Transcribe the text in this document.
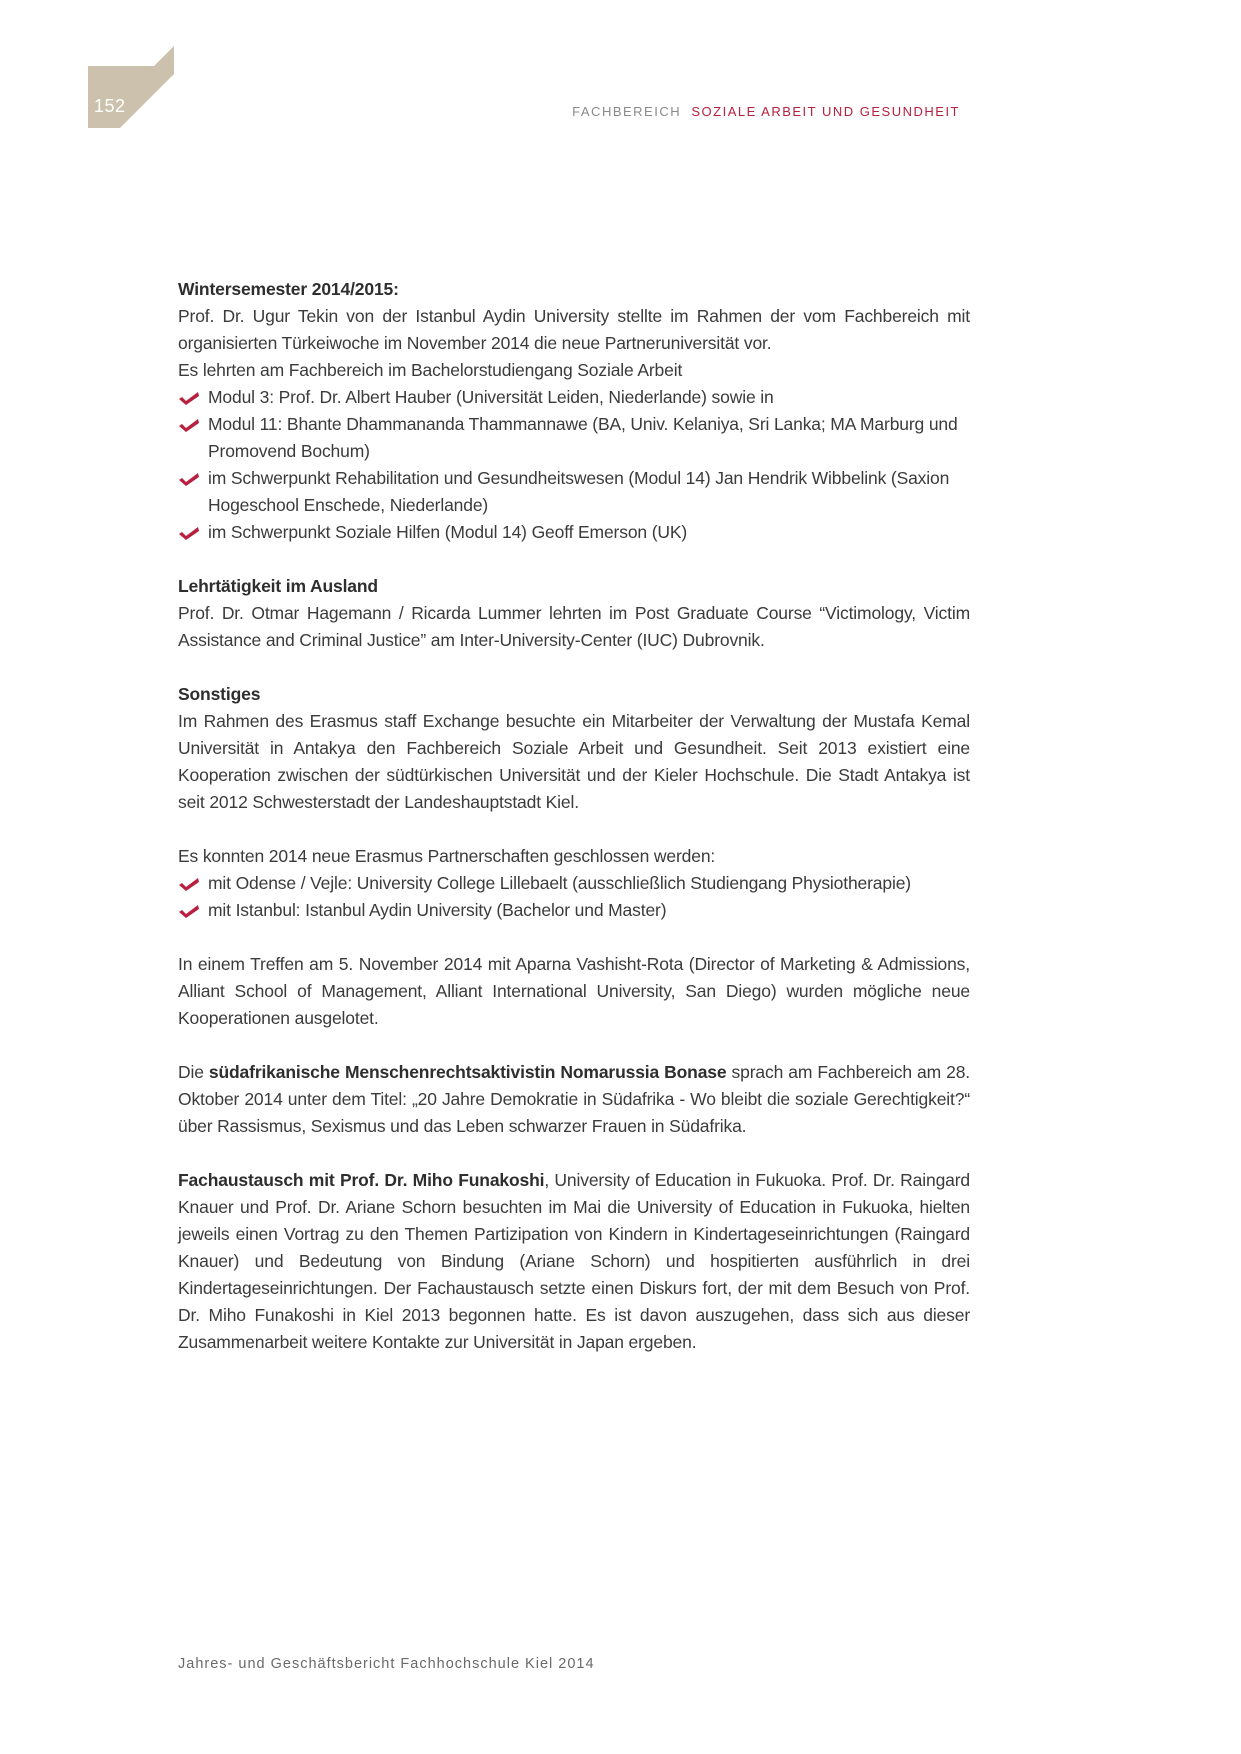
152	FACHBEREICH SOZIALE ARBEIT UND GESUNDHEIT
Wintersemester 2014/2015:

Prof. Dr. Ugur Tekin von der Istanbul Aydin University stellte im Rahmen der vom Fachbereich mit organisierten Türkeiwoche im November 2014 die neue Partneruniversität vor.

Es lehrten am Fachbereich im Bachelorstudiengang Soziale Arbeit

Modul 3: Prof. Dr. Albert Hauber (Universität Leiden, Niederlande) sowie in
Modul 11: Bhante Dhammananda Thammannawe (BA, Univ. Kelaniya, Sri Lanka; MA Marburg und Promovend Bochum)
im Schwerpunkt Rehabilitation und Gesundheitswesen (Modul 14) Jan Hendrik Wibbelink (Saxion Hogeschool Enschede, Niederlande)
im Schwerpunkt Soziale Hilfen (Modul 14) Geoff Emerson (UK)
Lehrtätigkeit im Ausland

Prof. Dr. Otmar Hagemann / Ricarda Lummer lehrten im Post Graduate Course “Victimology, Victim Assistance and Criminal Justice” am Inter-University-Center (IUC) Dubrovnik.

Sonstiges

Im Rahmen des Erasmus staff Exchange besuchte ein Mitarbeiter der Verwaltung der Mustafa Kemal Universität in Antakya den Fachbereich Soziale Arbeit und Gesundheit. Seit 2013 existiert eine Kooperation zwischen der südtürkischen Universität und der Kieler Hochschule. Die Stadt Antakya ist seit 2012 Schwesterstadt der Landeshauptstadt Kiel.

Es konnten 2014 neue Erasmus Partnerschaften geschlossen werden:

mit Odense / Vejle: University College Lillebaelt (ausschließlich Studiengang Physiotherapie)
mit Istanbul: Istanbul Aydin University (Bachelor und Master)

In einem Treffen am 5. November 2014 mit Aparna Vashisht-Rota (Director of Marketing & Admissions, Alliant School of Management, Alliant International University, San Diego) wurden mögliche neue Kooperationen ausgelotet.

Die südafrikanische Menschenrechtsaktivistin Nomarussia Bonase sprach am Fachbereich am 28. Oktober 2014 unter dem Titel: „20 Jahre Demokratie in Südafrika - Wo bleibt die soziale Gerechtigkeit?“ über Rassismus, Sexismus und das Leben schwarzer Frauen in Südafrika.

Fachaustausch mit Prof. Dr. Miho Funakoshi, University of Education in Fukuoka. Prof. Dr. Raingard Knauer und Prof. Dr. Ariane Schorn besuchten im Mai die University of Education in Fukuoka, hielten jeweils einen Vortrag zu den Themen Partizipation von Kindern in Kindertageseinrichtungen (Raingard Knauer) und Bedeutung von Bindung (Ariane Schorn) und hospitierten ausführlich in drei Kindertageseinrichtungen. Der Fachaustausch setzte einen Diskurs fort, der mit dem Besuch von Prof. Dr. Miho Funakoshi in Kiel 2013 begonnen hatte. Es ist davon auszugehen, dass sich aus dieser Zusammenarbeit weitere Kontakte zur Universität in Japan ergeben.

Jahres- und Geschäftsbericht Fachhochschule Kiel 2014
